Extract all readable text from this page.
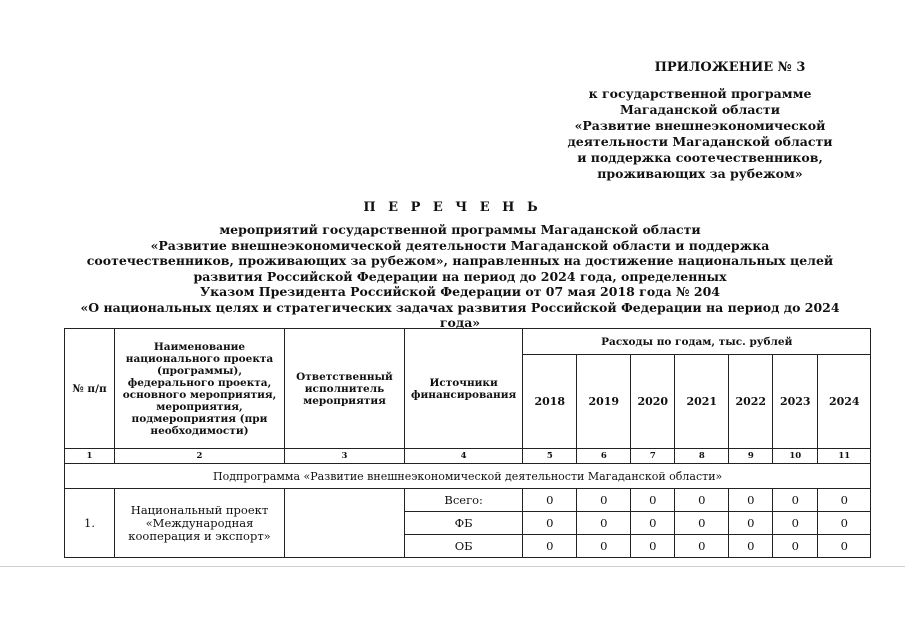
ПРИЛОЖЕНИЕ № 3
к государственной программе
Магаданской области
«Развитие внешнеэкономической
деятельности Магаданской области
и поддержка соотечественников,
проживающих за рубежом»
П Е Р Е Ч Е Н Ь
мероприятий государственной программы Магаданской области
«Развитие внешнеэкономической деятельности Магаданской области и поддержка
соотечественников, проживающих за рубежом», направленных на достижение национальных целей
развития Российской Федерации на период до 2024 года, определенных
Указом Президента Российской Федерации от 07 мая 2018 года № 204
«О национальных целях и стратегических задачах развития Российской Федерации на период до 2024 года»
№ п/п	Наименование национального проекта (программы), федерального проекта, основного мероприятия, мероприятия, подмероприятия (при необходимости)	Ответственный исполнитель мероприятия	Источники финансирования	Расходы по годам, тыс. рублей						
				2018	2019	2020	2021	2022	2023	2024
1	2	3	4	5	6	7	8	9	10	11
Подпрограмма «Развитие внешнеэкономической деятельности Магаданской области»										
1.	Национальный проект «Международная кооперация и экспорт»		Всего:	0	0	0	0	0	0	0
			ФБ	0	0	0	0	0	0	0
			ОБ	0	0	0	0	0	0	0
